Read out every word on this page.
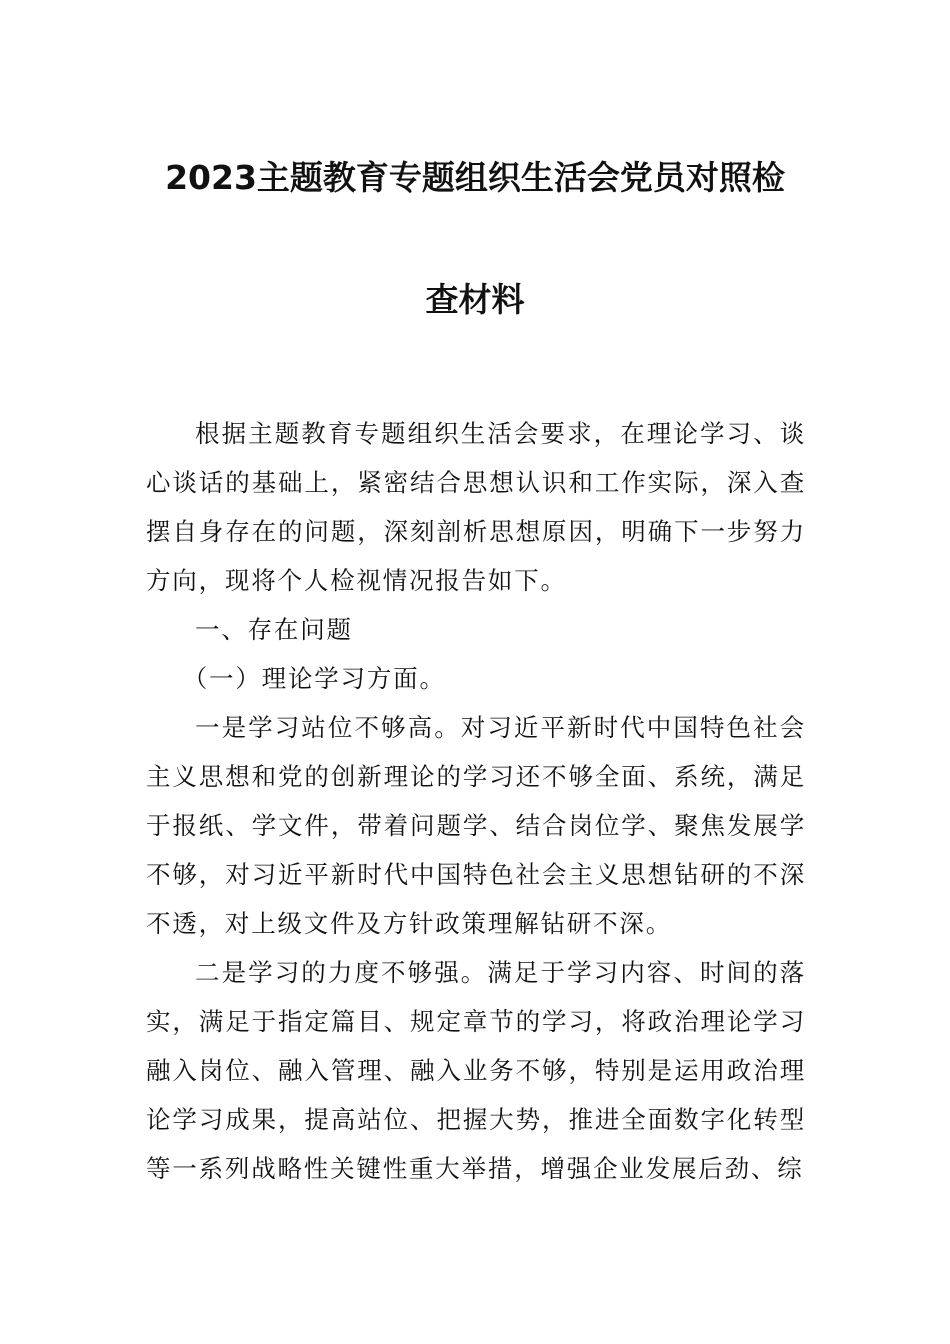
2023主题教育专题组织生活会党员对照检
查材料

根据主题教育专题组织生活会要求，在理论学习、谈心谈话的基础上，紧密结合思想认识和工作实际，深入查摆自身存在的问题，深刻剖析思想原因，明确下一步努力方向，现将个人检视情况报告如下。

一、存在问题

（一）理论学习方面。

一是学习站位不够高。对习近平新时代中国特色社会主义思想和党的创新理论的学习还不够全面、系统，满足于报纸、学文件，带着问题学、结合岗位学、聚焦发展学不够，对习近平新时代中国特色社会主义思想钻研的不深不透，对上级文件及方针政策理解钻研不深。

二是学习的力度不够强。满足于学习内容、时间的落实，满足于指定篇目、规定章节的学习，将政治理论学习融入岗位、融入管理、融入业务不够，特别是运用政治理论学习成果，提高站位、把握大势，推进全面数字化转型等一系列战略性关键性重大举措，增强企业发展后劲、综
